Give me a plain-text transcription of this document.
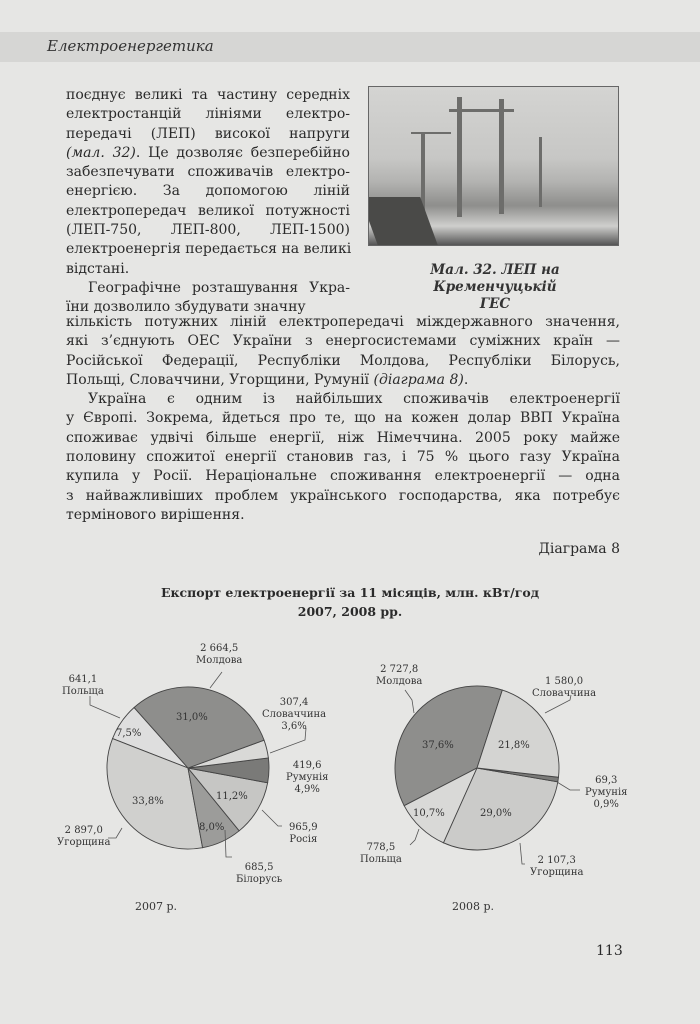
Електроенергетика
поєднує великі та частину середніх
електростанцій лініями електро-
передачі (ЛЕП) високої напруги
(мал. 32). Це дозволяє безперебійно
забезпечувати споживачів електро-
енергією. За допомогою ліній
електропередач великої потужності
(ЛЕП-750, ЛЕП-800, ЛЕП-1500)
електроенергія передається на великі
відстані.
Географічне розташування Укра-
їни дозволило збудувати значну
Мал. 32. ЛЕП на Кременчуцькій
ГЕС
кількість потужних ліній електропередачі міждержавного значення,
які з’єднують ОЕС України з енергосистемами суміжних країн —
Російської Федерації, Республіки Молдова, Республіки Білорусь,
Польщі, Словаччини, Угорщини, Румунії (діаграма 8).
Україна є одним із найбільших споживачів електроенергії
у Європі. Зокрема, йдеться про те, що на кожен долар ВВП Україна
споживає удвічі більше енергії, ніж Німеччина. 2005 року майже
половину спожитої енергії становив газ, і 75 % цього газу Україна
купила у Росії. Нераціональне споживання електроенергії — одна
з найважливіших проблем українського господарства, яка потребує
термінового вирішення.
Діаграма 8
Експорт електроенергії за 11 місяців, млн. кВт/год
2007, 2008 рр.
2 664,5
Молдова
307,4
Словаччина
3,6%
419,6
Румунія
4,9%
965,9
Росія
685,5
Білорусь
2 897,0
Угорщина
641,1
Польща
31,0%
11,2%
8,0%
33,8%
7,5%
2007 р.
2 727,8
Молдова	1 580,0
Словаччина
69,3
Румунія
0,9%
2 107,3
Угорщина
778,5
Польща
37,6%	21,8%
29,0%
10,7%
2008 р.
113
